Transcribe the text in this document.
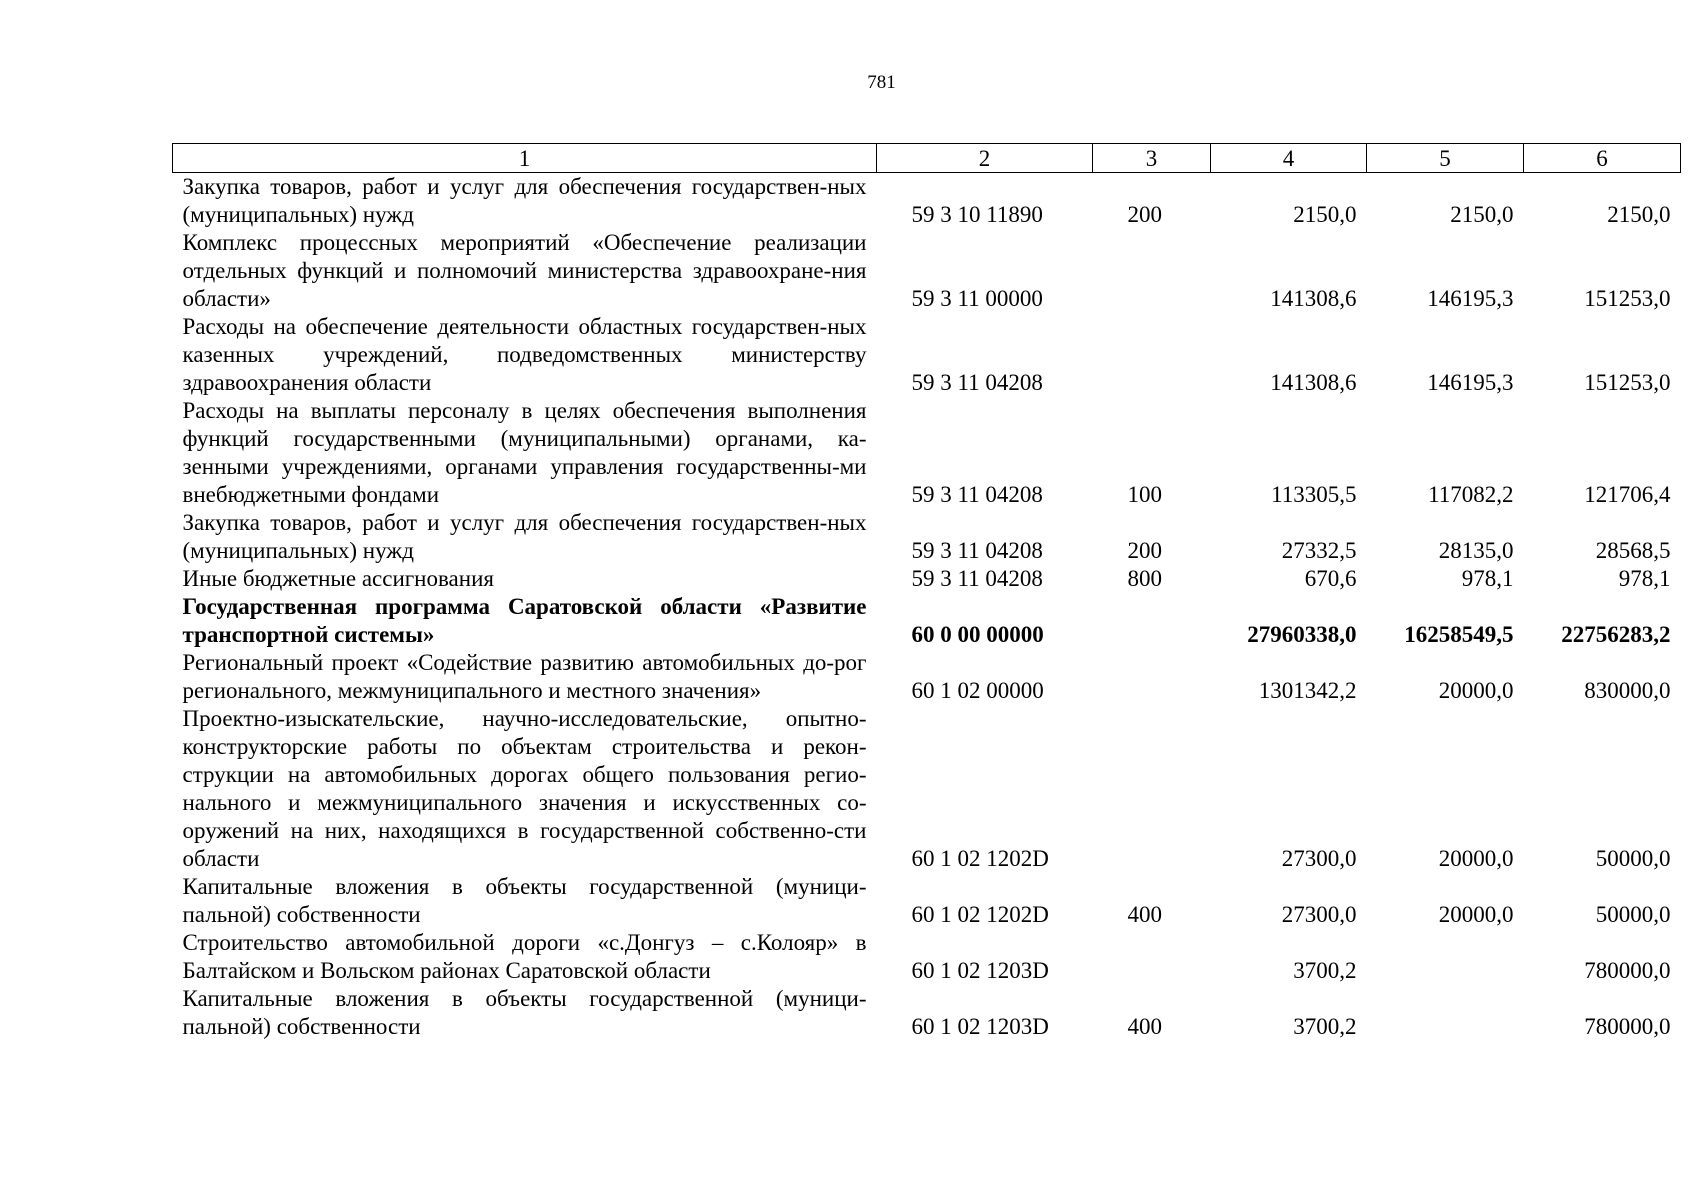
781
1	2	3	4	5	6
Закупка товаров, работ и услуг для обеспечения государствен-ных (муниципальных) нужд	59 3 10 11890	200	2150,0	2150,0	2150,0
Комплекс процессных мероприятий «Обеспечение реализации отдельных функций и полномочий министерства здравоохране-ния области»	59 3 11 00000		141308,6	146195,3	151253,0
Расходы на обеспечение деятельности областных государствен-ных казенных учреждений, подведомственных министерству здравоохранения области	59 3 11 04208		141308,6	146195,3	151253,0
Расходы на выплаты персоналу в целях обеспечения выполнения функций государственными (муниципальными) органами, ка-зенными учреждениями, органами управления государственны-ми внебюджетными фондами	59 3 11 04208	100	113305,5	117082,2	121706,4
Закупка товаров, работ и услуг для обеспечения государствен-ных (муниципальных) нужд	59 3 11 04208	200	27332,5	28135,0	28568,5
Иные бюджетные ассигнования	59 3 11 04208	800	670,6	978,1	978,1
Государственная программа Саратовской области «Развитие транспортной системы»	60 0 00 00000		27960338,0	16258549,5	22756283,2
Региональный проект «Содействие развитию автомобильных до-рог регионального, межмуниципального и местного значения»	60 1 02 00000		1301342,2	20000,0	830000,0
Проектно-изыскательские, научно-исследовательские, опытно-конструкторские работы по объектам строительства и рекон-струкции на автомобильных дорогах общего пользования регио-нального и межмуниципального значения и искусственных со-оружений на них, находящихся в государственной собственно-сти области	60 1 02 1202D		27300,0	20000,0	50000,0
Капитальные вложения в объекты государственной (муници-пальной) собственности	60 1 02 1202D	400	27300,0	20000,0	50000,0
Строительство автомобильной дороги «с.Донгуз – с.Колояр» в Балтайском и Вольском районах Саратовской области	60 1 02 1203D		3700,2		780000,0
Капитальные вложения в объекты государственной (муници-пальной) собственности	60 1 02 1203D	400	3700,2		780000,0
